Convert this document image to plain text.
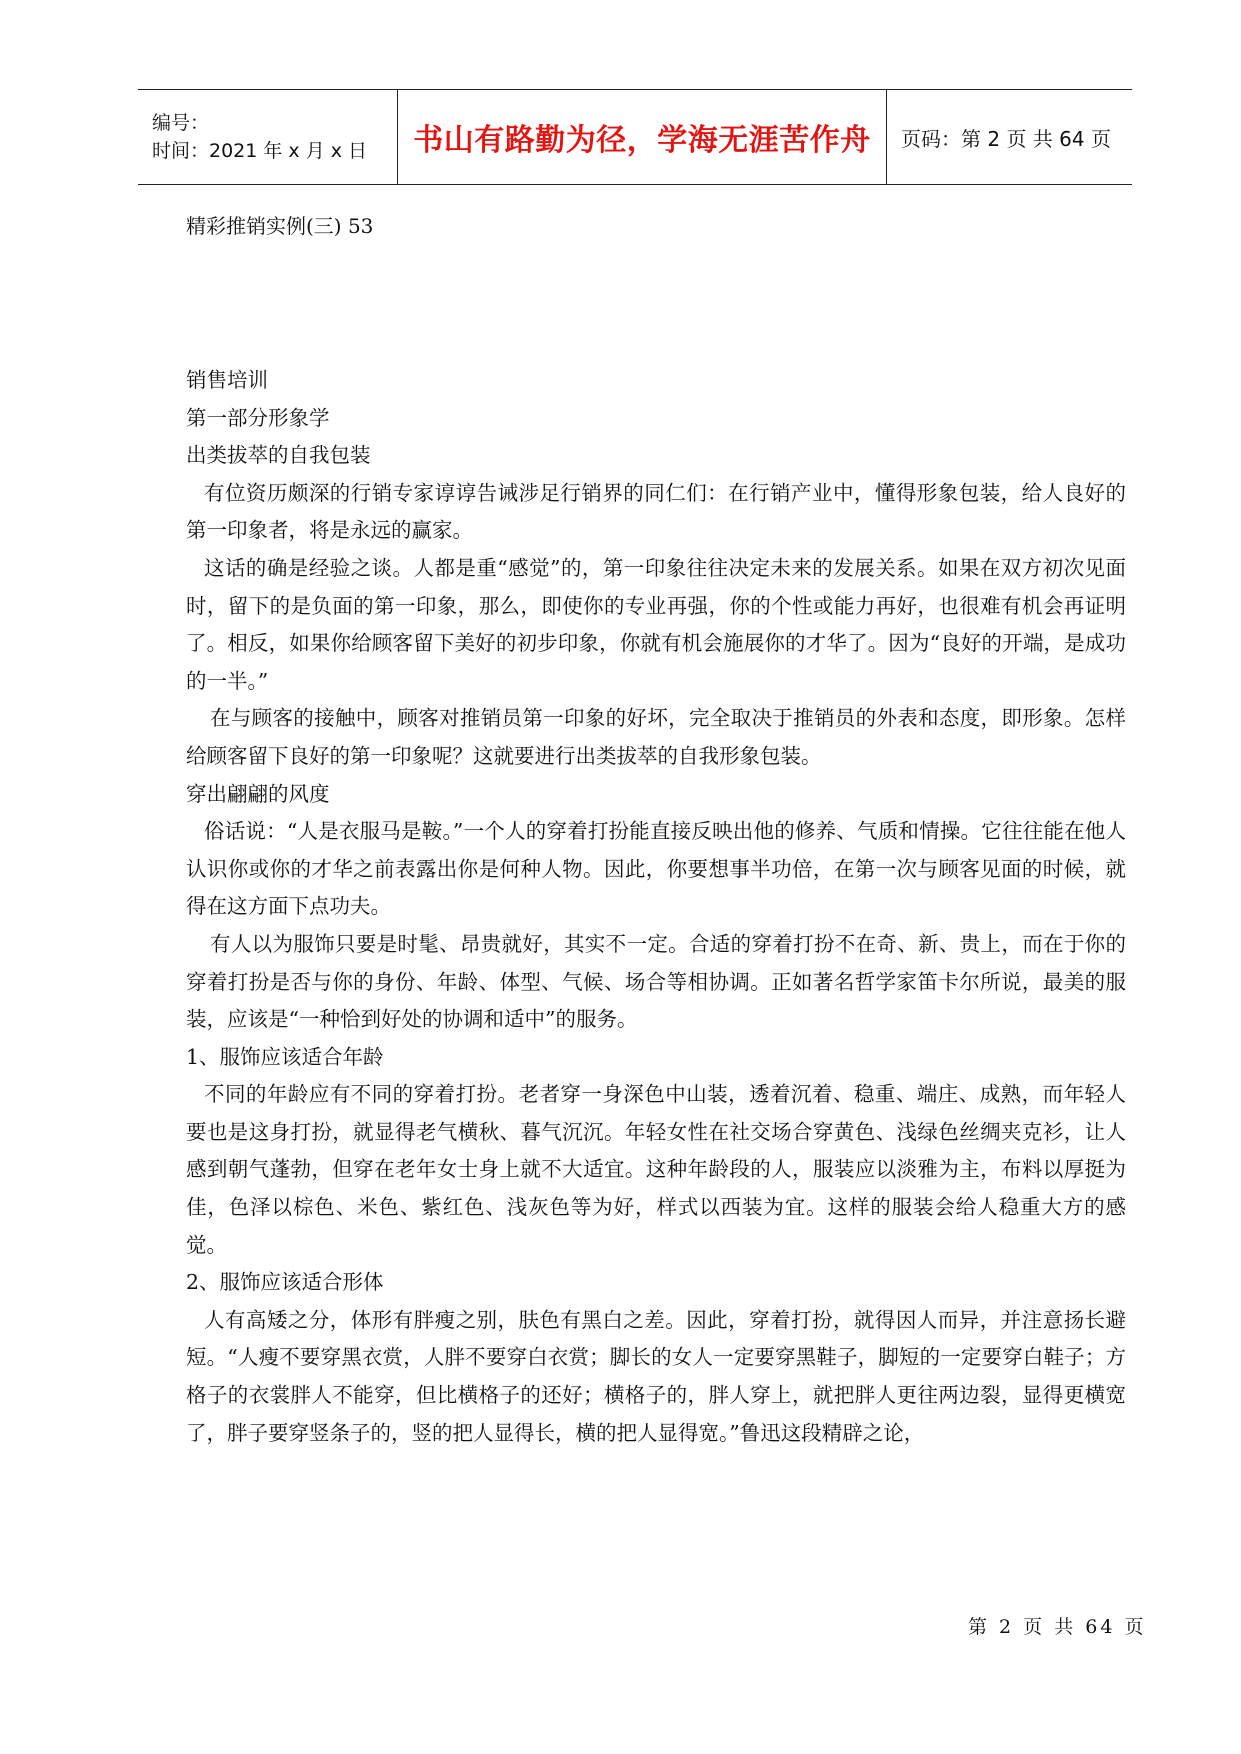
编号：
时间：2021 年 x 月 x 日	书山有路勤为径，学海无涯苦作舟	页码：第 2 页 共 64 页
精彩推销实例(三) 53

销售培训

第一部分形象学

出类拔萃的自我包装

有位资历颇深的行销专家谆谆告诫涉足行销界的同仁们：在行销产业中，懂得形象包装，给人良好的第一印象者，将是永远的赢家。

这话的确是经验之谈。人都是重“感觉”的，第一印象往往决定未来的发展关系。如果在双方初次见面时，留下的是负面的第一印象，那么，即使你的专业再强，你的个性或能力再好，也很难有机会再证明了。相反，如果你给顾客留下美好的初步印象，你就有机会施展你的才华了。因为“良好的开端，是成功的一半。”

在与顾客的接触中，顾客对推销员第一印象的好坏，完全取决于推销员的外表和态度，即形象。怎样给顾客留下良好的第一印象呢？这就要进行出类拔萃的自我形象包装。

穿出翩翩的风度

俗话说：“人是衣服马是鞍。”一个人的穿着打扮能直接反映出他的修养、气质和情操。它往往能在他人认识你或你的才华之前表露出你是何种人物。因此，你要想事半功倍，在第一次与顾客见面的时候，就得在这方面下点功夫。

有人以为服饰只要是时髦、昂贵就好，其实不一定。合适的穿着打扮不在奇、新、贵上，而在于你的穿着打扮是否与你的身份、年龄、体型、气候、场合等相协调。正如著名哲学家笛卡尔所说，最美的服装，应该是“一种恰到好处的协调和适中”的服务。

1、服饰应该适合年龄

不同的年龄应有不同的穿着打扮。老者穿一身深色中山装，透着沉着、稳重、端庄、成熟，而年轻人要也是这身打扮，就显得老气横秋、暮气沉沉。年轻女性在社交场合穿黄色、浅绿色丝绸夹克衫，让人感到朝气蓬勃，但穿在老年女士身上就不大适宜。这种年龄段的人，服装应以淡雅为主，布料以厚挺为佳，色泽以棕色、米色、紫红色、浅灰色等为好，样式以西装为宜。这样的服装会给人稳重大方的感觉。

2、服饰应该适合形体

人有高矮之分，体形有胖瘦之别，肤色有黑白之差。因此，穿着打扮，就得因人而异，并注意扬长避短。“人瘦不要穿黑衣赏，人胖不要穿白衣赏；脚长的女人一定要穿黑鞋子，脚短的一定要穿白鞋子；方格子的衣裳胖人不能穿，但比横格子的还好；横格子的，胖人穿上，就把胖人更往两边裂，显得更横宽了，胖子要穿竖条子的，竖的把人显得长，横的把人显得宽。”鲁迅这段精辟之论，

第 2 页 共 64 页
